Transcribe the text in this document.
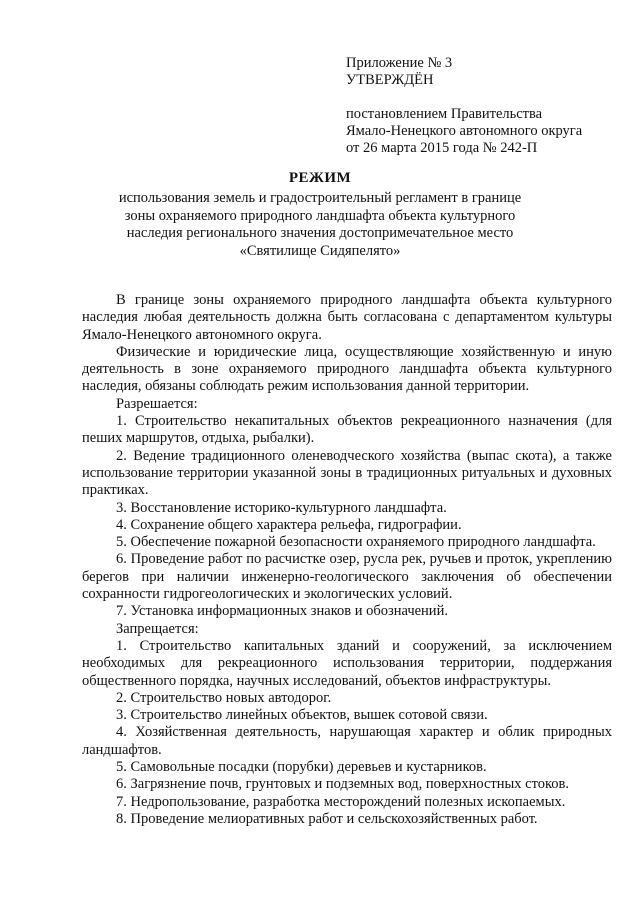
Приложение № 3
УТВЕРЖДЁН
постановлением Правительства
Ямало-Ненецкого автономного округа
от 26 марта 2015 года № 242-П
РЕЖИМ
использования земель и градостроительный регламент в границе
зоны охраняемого природного ландшафта объекта культурного
наследия регионального значения достопримечательное место
«Святилище Сидяпелято»

В границе зоны охраняемого природного ландшафта объекта культурного наследия любая деятельность должна быть согласована с департаментом культуры Ямало-Ненецкого автономного округа.

Физические и юридические лица, осуществляющие хозяйственную и иную деятельность в зоне охраняемого природного ландшафта объекта культурного наследия, обязаны соблюдать режим использования данной территории.

Разрешается:

1. Строительство некапитальных объектов рекреационного назначения (для пеших маршрутов, отдыха, рыбалки).

2. Ведение традиционного оленеводческого хозяйства (выпас скота), а также использование территории указанной зоны в традиционных ритуальных и духовных практиках.

3. Восстановление историко-культурного ландшафта.

4. Сохранение общего характера рельефа, гидрографии.

5. Обеспечение пожарной безопасности охраняемого природного ландшафта.

6. Проведение работ по расчистке озер, русла рек, ручьев и проток, укреплению берегов при наличии инженерно-геологического заключения об обеспечении сохранности гидрогеологических и экологических условий.

7. Установка информационных знаков и обозначений.

Запрещается:

1. Строительство капитальных зданий и сооружений, за исключением необходимых для рекреационного использования территории, поддержания общественного порядка, научных исследований, объектов инфраструктуры.

2. Строительство новых автодорог.

3. Строительство линейных объектов, вышек сотовой связи.

4. Хозяйственная деятельность, нарушающая характер и облик природных ландшафтов.

5. Самовольные посадки (порубки) деревьев и кустарников.

6. Загрязнение почв, грунтовых и подземных вод, поверхностных стоков.

7. Недропользование, разработка месторождений полезных ископаемых.

8. Проведение мелиоративных работ и сельскохозяйственных работ.
